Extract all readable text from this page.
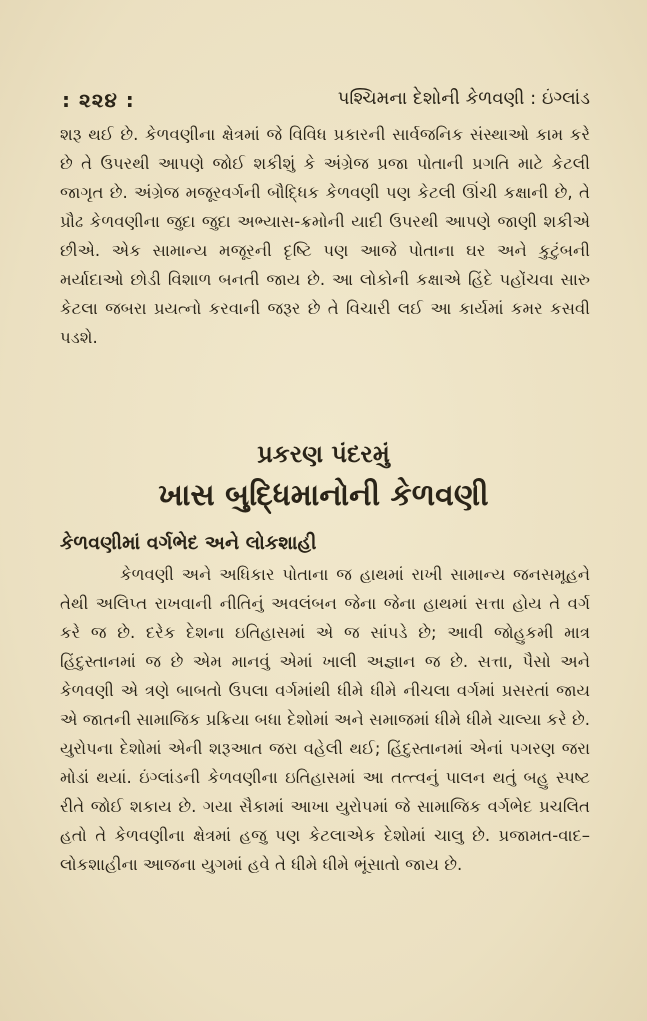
: ૨૨૪ :	પશ્ચિમના દેશોની કેળવણી : ઇંગ્લાંડ

શરૂ થઈ છે. કેળવણીના ક્ષેત્રમાં જે વિવિધ પ્રકારની સાર્વજનિક સંસ્થાઓ કામ કરે છે તે ઉપરથી આપણે જોઈ શકીશું કે અંગ્રેજ પ્રજા પોતાની પ્રગતિ માટે કેટલી જાગૃત છે. અંગ્રેજ મજૂરવર્ગની બૌદ્ધિક કેળવણી પણ કેટલી ઊંચી કક્ષાની છે, તે પ્રૌઢ કેળવણીના જુદા જુદા અભ્યાસ-ક્રમોની યાદી ઉપરથી આપણે જાણી શકીએ છીએ. એક સામાન્ય મજૂરની દૃષ્ટિ પણ આજે પોતાના ઘર અને કુટુંબની મર્યાદાઓ છોડી વિશાળ બનતી જાય છે. આ લોકોની કક્ષાએ હિંદે પહોંચવા સારુ કેટલા જબરા પ્રયત્નો કરવાની જરૂર છે તે વિચારી લઈ આ કાર્યમાં કમર કસવી પડશે.

પ્રકરણ પંદરમું
ખાસ બુદ્ધિમાનોની કેળવણી
કેળવણીમાં વર્ગભેદ અને લોકશાહી

કેળવણી અને અધિકાર પોતાના જ હાથમાં રાખી સામાન્ય જનસમૂહને તેથી અલિપ્ત રાખવાની નીતિનું અવલંબન જેના જેના હાથમાં સત્તા હોય તે વર્ગ કરે જ છે. દરેક દેશના ઇતિહાસમાં એ જ સાંપડે છે; આવી જોહુકમી માત્ર હિંદુસ્તાનમાં જ છે એમ માનવું એમાં ખાલી અજ્ઞાન જ છે. સત્તા, પૈસો અને કેળવણી એ ત્રણે બાબતો ઉપલા વર્ગમાંથી ધીમે ધીમે નીચલા વર્ગમાં પ્રસરતાં જાય એ જાતની સામાજિક પ્રક્રિયા બધા દેશોમાં અને સમાજમાં ધીમે ધીમે ચાલ્યા કરે છે. યુરોપના દેશોમાં એની શરૂઆત જરા વહેલી થઈ; હિંદુસ્તાનમાં એનાં પગરણ જરા મોડાં થયાં. ઇંગ્લાંડની કેળવણીના ઇતિહાસમાં આ તત્ત્વનું પાલન થતું બહુ સ્પષ્ટ રીતે જોઈ શકાય છે. ગયા સૈકામાં આખા યુરોપમાં જે સામાજિક વર્ગભેદ પ્રચલિત હતો તે કેળવણીના ક્ષેત્રમાં હજુ પણ કેટલાએક દેશોમાં ચાલુ છે. પ્રજામત-વાદ–લોકશાહીના આજના યુગમાં હવે તે ધીમે ધીમે ભૂંસાતો જાય છે.
